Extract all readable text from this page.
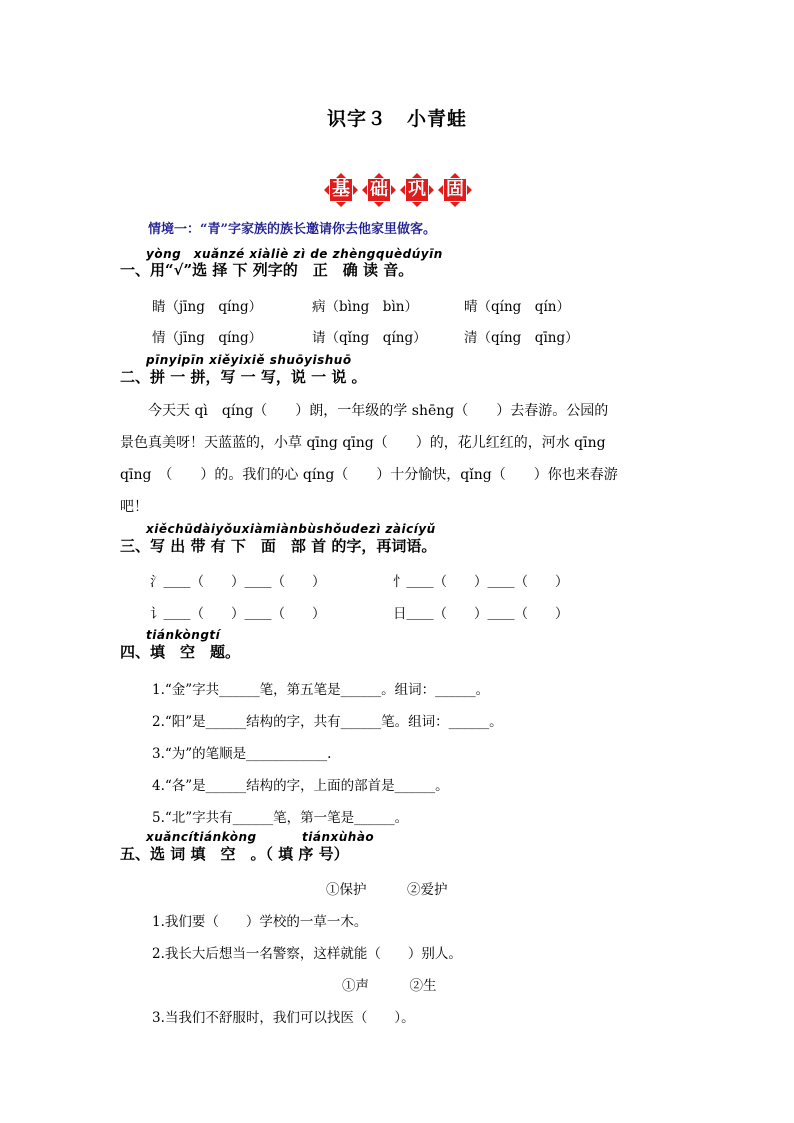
识字３　小青蛙
基	础	巩	固
情境一：“青”字家族的族长邀请你去他家里做客。
yòng　xuǎnzé xiàliè zì de zhèngquèdúyīn
一、用“√”选 择 下 列字的　正　确 读 音。
睛（jīng　qíng）	病（bìng　bìn）	晴（qíng　qín）
情（jīng　qíng）	请（qǐng　qíng）	清（qíng　qīng）
pīnyipīn xiěyixiě shuōyishuō
二、拼 一 拼，写 一 写，说 一 说 。
今天天 qì　qíng（　　）朗，一年级的学 shēng（　　）去春游。公园的
景色真美呀！天蓝蓝的，小草 qīng qīng（　　）的，花儿红红的，河水 qīng
qīng　（　　）的。我们的心 qíng（　　）十分愉快，qǐng（　　）你也来春游
吧！
xiěchūdàiyǒuxiàmiànbùshǒudezì zàicíyǔ
三、写 出 带 有 下　面　部 首 的字，再词语。
氵＿＿（　　）＿＿（　　）	忄＿＿（　　）＿＿（　　）
讠＿＿（　　）＿＿（　　）	日＿＿（　　）＿＿（　　）
tiánkòngtí
四、填　空　题。
1.“金”字共______笔，第五笔是______。组词：______。
2.“阳”是______结构的字，共有______笔。组词：______。
3.“为”的笔顺是____________.
4.“各”是______结构的字，上面的部首是______。
5.“北”字共有______笔，第一笔是______。
xuǎncítiánkòng	tiánxùhào
五、选 词 填　空　。（ 填 序 号）
①保护　　　②爱护
1.我们要（　　）学校的一草一木。
2.我长大后想当一名警察，这样就能（　　）别人。
①声　　　②生
3.当我们不舒服时，我们可以找医（　　）。
